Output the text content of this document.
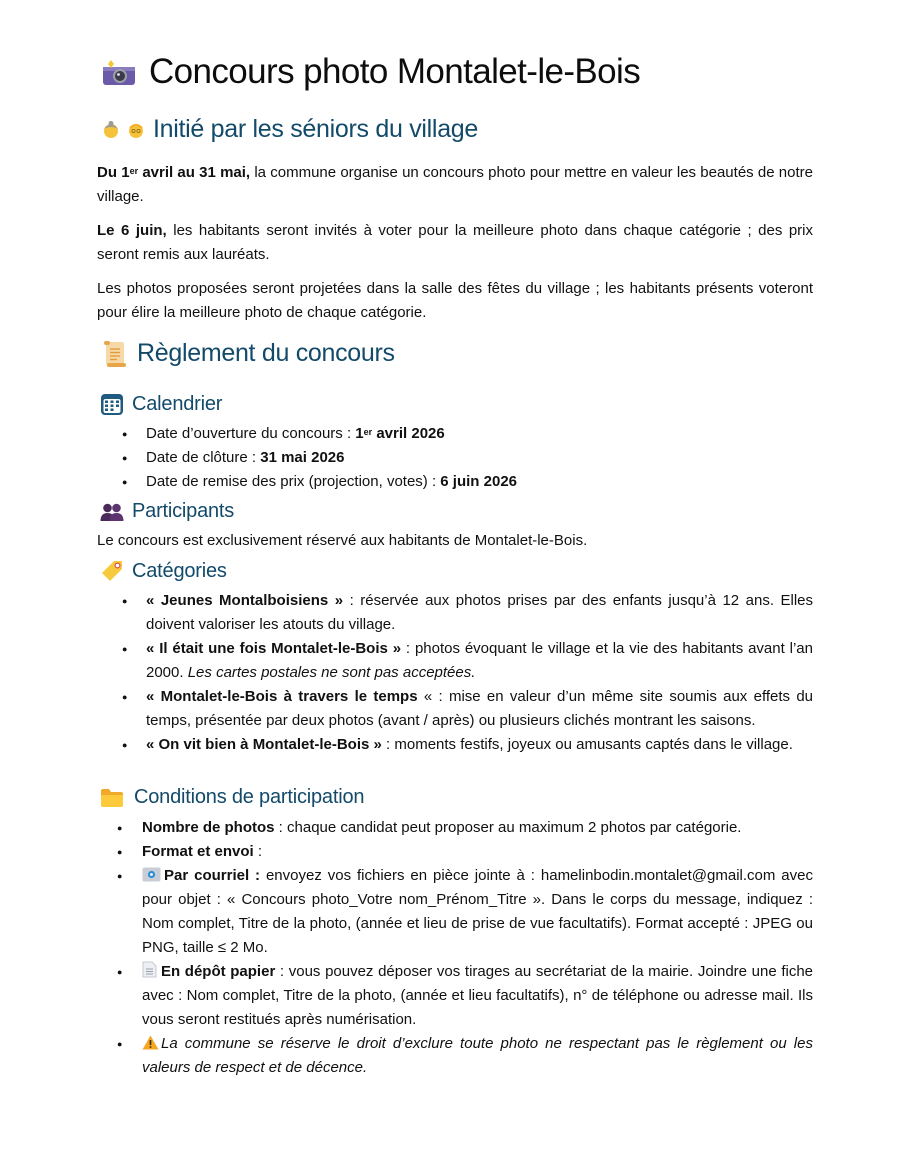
Concours photo Montalet-le-Bois
Initié par les séniors du village

Du 1er avril au 31 mai, la commune organise un concours photo pour mettre en valeur les beautés de notre village.

Le 6 juin, les habitants seront invités à voter pour la meilleure photo dans chaque catégorie ; des prix seront remis aux lauréats.

Les photos proposées seront projetées dans la salle des fêtes du village ; les habitants présents voteront pour élire la meilleure photo de chaque catégorie.

Règlement du concours
Calendrier
● Date d’ouverture du concours : 1er avril 2026
● Date de clôture : 31 mai 2026
● Date de remise des prix (projection, votes) : 6 juin 2026
Participants

Le concours est exclusivement réservé aux habitants de Montalet-le-Bois.

Catégories
● « Jeunes Montalboisiens » : réservée aux photos prises par des enfants jusqu’à 12 ans. Elles doivent valoriser les atouts du village.
● « Il était une fois Montalet-le-Bois » : photos évoquant le village et la vie des habitants avant l’an 2000. Les cartes postales ne sont pas acceptées.
● « Montalet-le-Bois à travers le temps « : mise en valeur d’un même site soumis aux effets du temps, présentée par deux photos (avant / après) ou plusieurs clichés montrant les saisons.
● « On vit bien à Montalet-le-Bois » : moments festifs, joyeux ou amusants captés dans le village.
Conditions de participation
● Nombre de photos : chaque candidat peut proposer au maximum 2 photos par catégorie.
● Format et envoi :
● Par courriel : envoyez vos fichiers en pièce jointe à : hamelinbodin.montalet@gmail.com avec pour objet : « Concours photo_Votre nom_Prénom_Titre ». Dans le corps du message, indiquez : Nom complet, Titre de la photo, (année et lieu de prise de vue facultatifs). Format accepté : JPEG ou PNG, taille ≤ 2 Mo.
● En dépôt papier : vous pouvez déposer vos tirages au secrétariat de la mairie. Joindre une fiche avec : Nom complet, Titre de la photo, (année et lieu facultatifs), n° de téléphone ou adresse mail. Ils vous seront restitués après numérisation.
● La commune se réserve le droit d’exclure toute photo ne respectant pas le règlement ou les valeurs de respect et de décence.
